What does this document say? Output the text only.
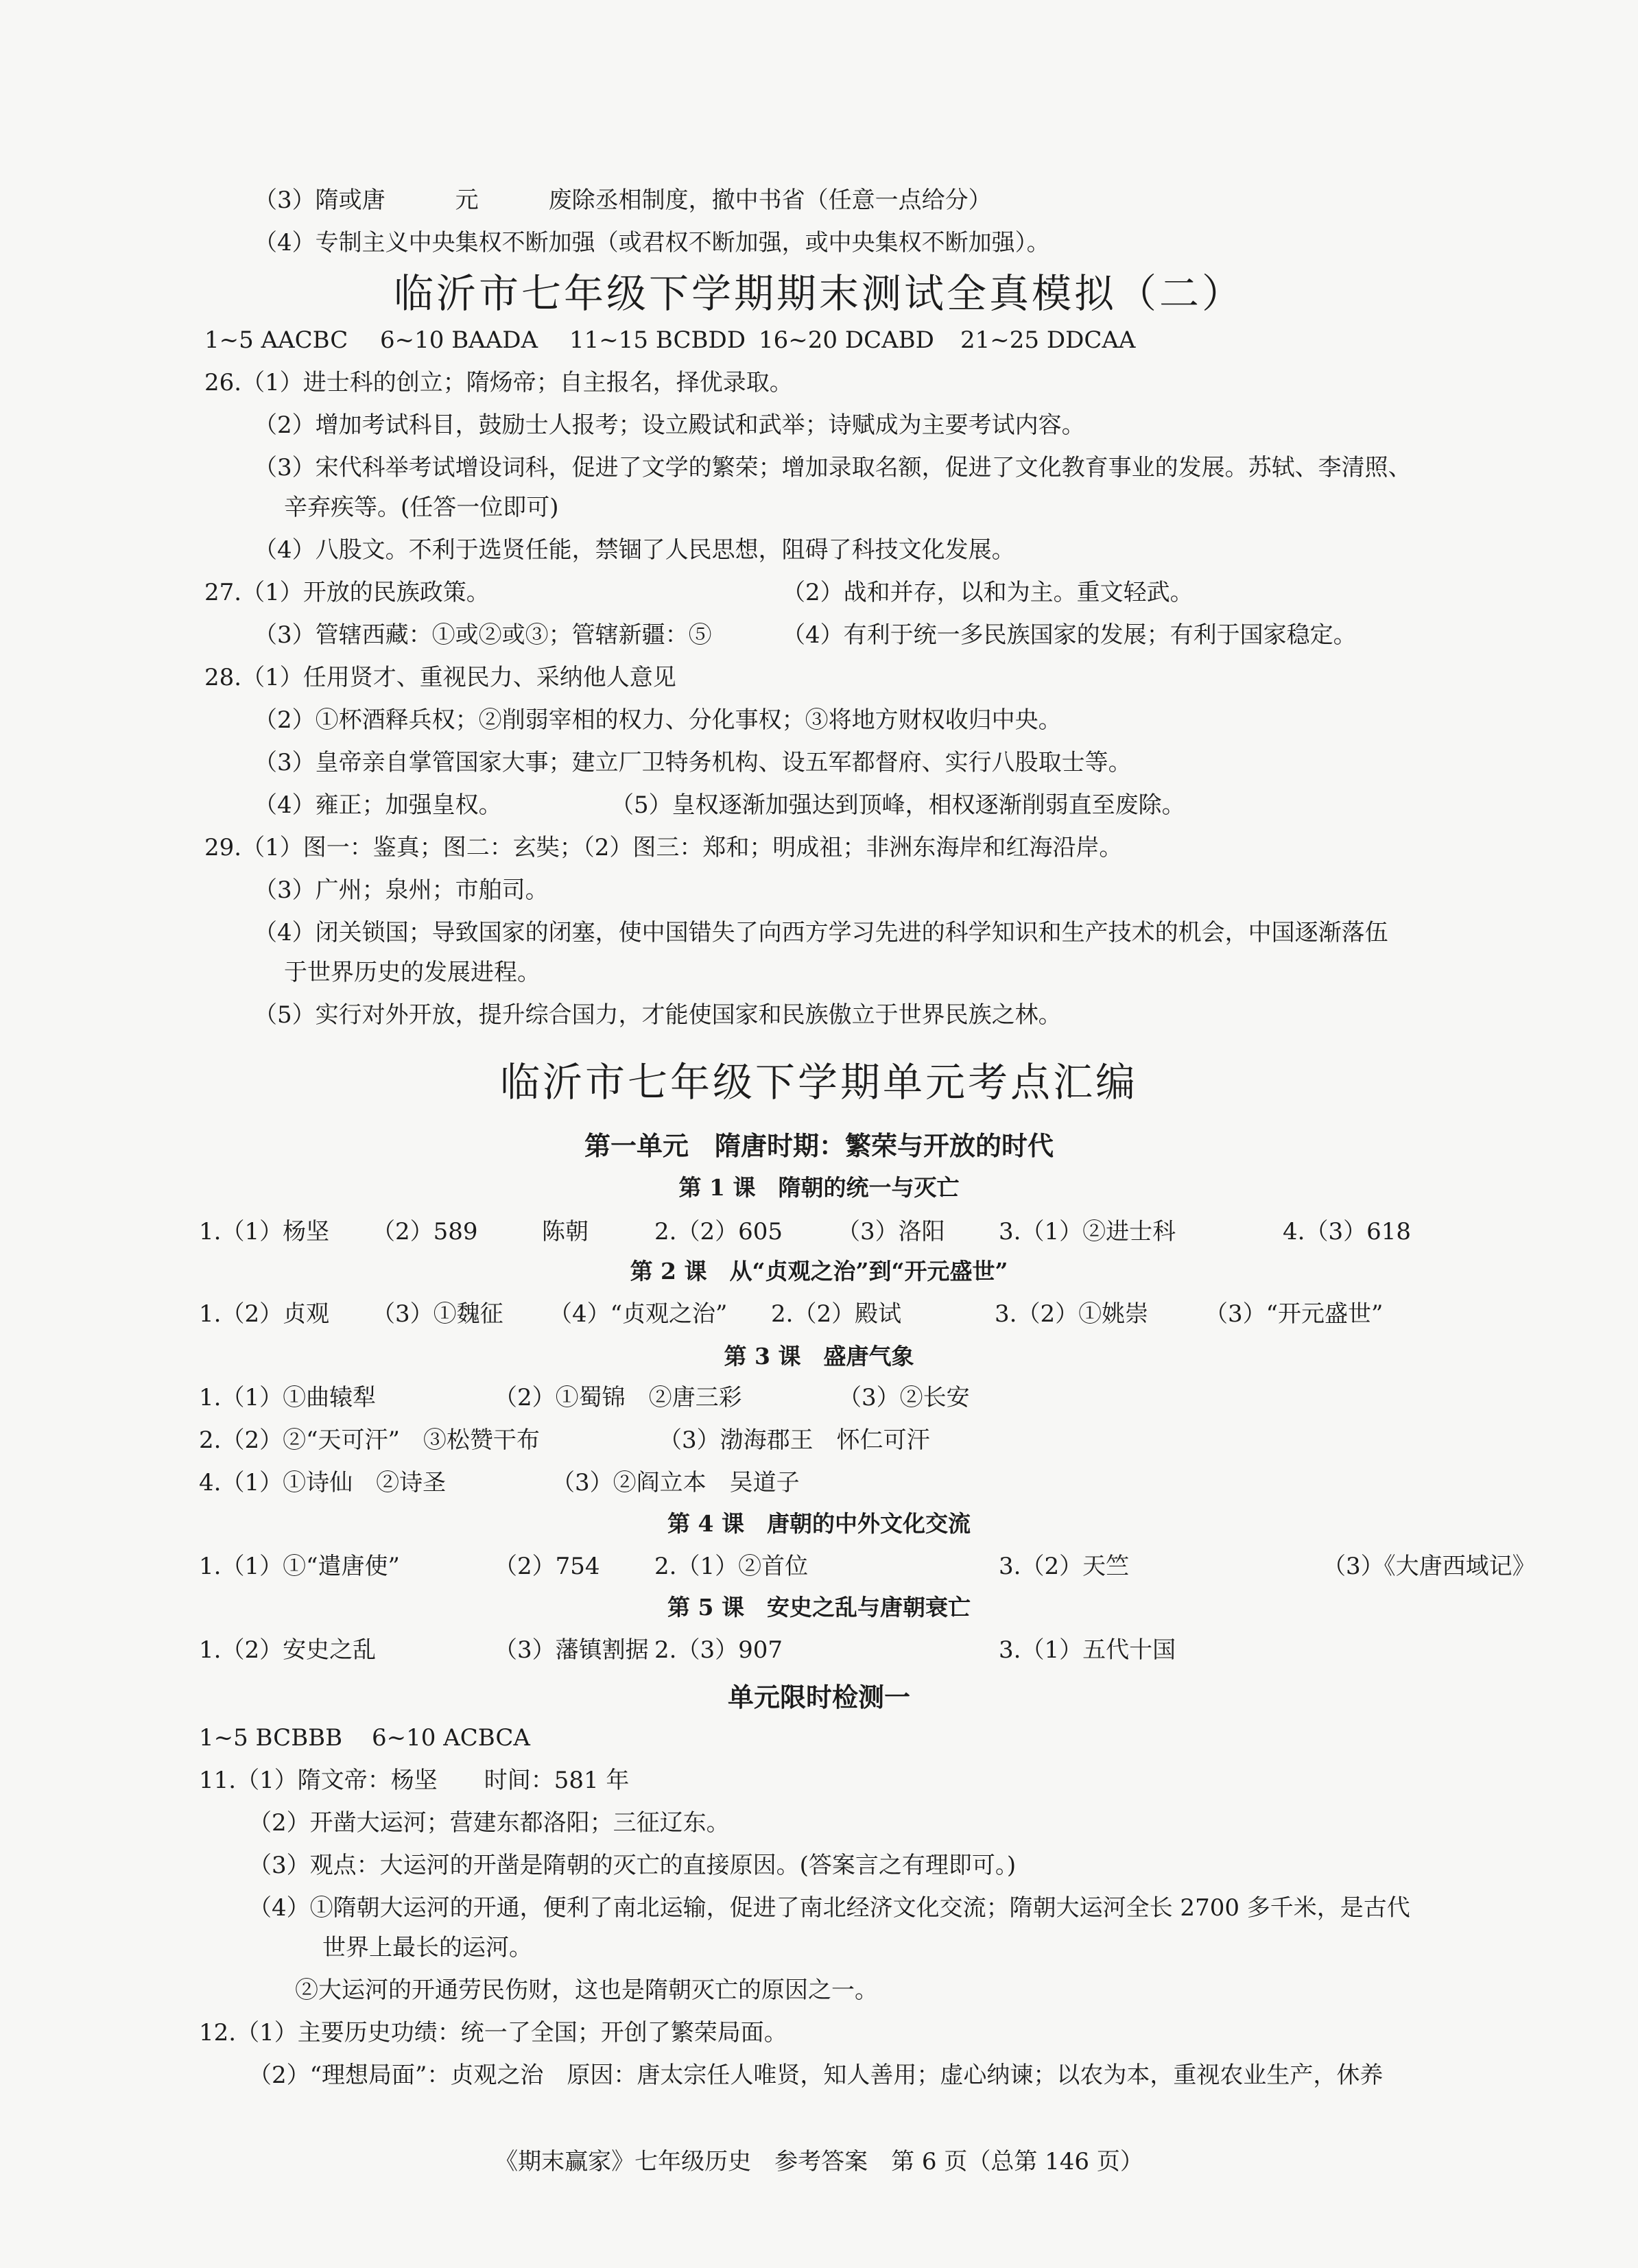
（3）隋或唐　　　元　　　废除丞相制度，撤中书省（任意一点给分）
（4）专制主义中央集权不断加强（或君权不断加强，或中央集权不断加强）。
临沂市七年级下学期期末测试全真模拟（二）
1~5 AACBC 6~10 BAADA 11~15 BCBDD 16~20 DCABD 21~25 DDCAA
26.（1）进士科的创立；隋炀帝；自主报名，择优录取。
（2）增加考试科目，鼓励士人报考；设立殿试和武举；诗赋成为主要考试内容。
（3）宋代科举考试增设词科，促进了文学的繁荣；增加录取名额，促进了文化教育事业的发展。苏轼、李清照、
辛弃疾等。(任答一位即可)
（4）八股文。不利于选贤任能，禁锢了人民思想，阻碍了科技文化发展。
27.（1）开放的民族政策。	（2）战和并存，以和为主。重文轻武。
（3）管辖西藏：①或②或③；管辖新疆：⑤	（4）有利于统一多民族国家的发展；有利于国家稳定。
28.（1）任用贤才、重视民力、采纳他人意见
（2）①杯酒释兵权；②削弱宰相的权力、分化事权；③将地方财权收归中央。
（3）皇帝亲自掌管国家大事；建立厂卫特务机构、设五军都督府、实行八股取士等。
（4）雍正；加强皇权。	（5）皇权逐渐加强达到顶峰，相权逐渐削弱直至废除。
29.（1）图一：鉴真；图二：玄奘；（2）图三：郑和；明成祖；非洲东海岸和红海沿岸。
（3）广州；泉州；市舶司。
（4）闭关锁国；导致国家的闭塞，使中国错失了向西方学习先进的科学知识和生产技术的机会，中国逐渐落伍
于世界历史的发展进程。
（5）实行对外开放，提升综合国力，才能使国家和民族傲立于世界民族之林。
临沂市七年级下学期单元考点汇编
第一单元　隋唐时期：繁荣与开放的时代
第 1 课　隋朝的统一与灭亡
1.（1）杨坚 （2）589	陈朝	2.（2）605 （3）洛阳 3.（1）②进士科	4.（3）618
第 2 课　从“贞观之治”到“开元盛世”
1.（2）贞观 （3）①魏征 （4）“贞观之治” 2.（2）殿试	3.（2）①姚崇 （3）“开元盛世”
第 3 课　盛唐气象
1.（1）①曲辕犁	（2）①蜀锦　②唐三彩	（3）②长安
2.（2）②“天可汗”　③松赞干布	（3）渤海郡王　怀仁可汗
4.（1）①诗仙　②诗圣	（3）②阎立本　吴道子
第 4 课　唐朝的中外文化交流
1.（1）①“遣唐使”	（2）754 2.（1）②首位	3.（2）天竺	（3）《大唐西域记》
第 5 课　安史之乱与唐朝衰亡
1.（2）安史之乱	（3）藩镇割据 2.（3）907	3.（1）五代十国
单元限时检测一
1~5 BCBBB 6~10 ACBCA
11.（1）隋文帝：杨坚　　时间：581 年
（2）开凿大运河；营建东都洛阳；三征辽东。
（3）观点：大运河的开凿是隋朝的灭亡的直接原因。(答案言之有理即可。)
（4）①隋朝大运河的开通，便利了南北运输，促进了南北经济文化交流；隋朝大运河全长 2700 多千米，是古代
世界上最长的运河。
②大运河的开通劳民伤财，这也是隋朝灭亡的原因之一。
12.（1）主要历史功绩：统一了全国；开创了繁荣局面。
（2）“理想局面”：贞观之治　原因：唐太宗任人唯贤，知人善用；虚心纳谏；以农为本，重视农业生产，休养
《期末赢家》七年级历史　参考答案　第 6 页（总第 146 页）
